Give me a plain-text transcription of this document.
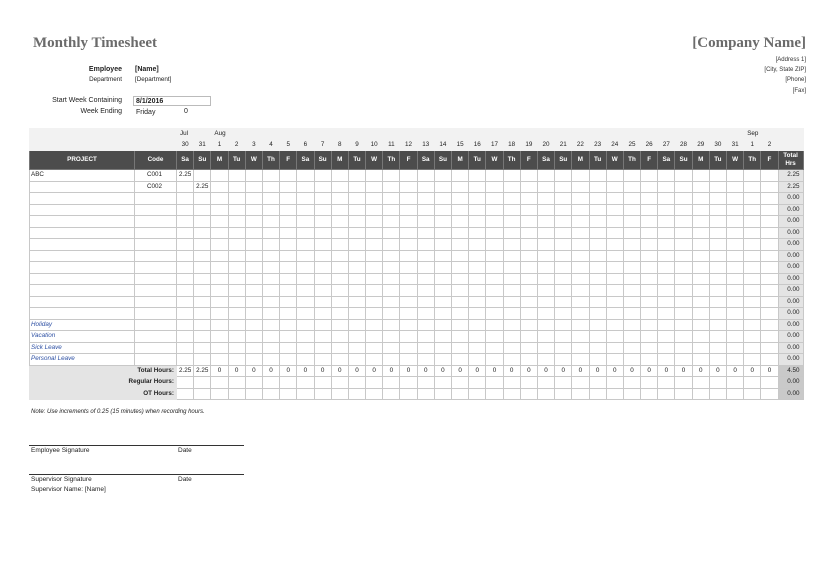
Monthly Timesheet	[Company Name]
[Address 1]
[City, State ZIP]
[Phone]
[Fax]
Employee [Name]
Department [Department]
Start Week Containing	8/1/2016
Week Ending	Friday	0
		Jul		Aug																															Sep		
		30	31	1	2	3	4	5	6	7	8	9	10	11	12	13	14	15	16	17	18	19	20	21	22	23	24	25	26	27	28	29	30	31	1	2	
PROJECT	Code	Sa	Su	M	Tu	W	Th	F	Sa	Su	M	Tu	W	Th	F	Sa	Su	M	Tu	W	Th	F	Sa	Su	M	Tu	W	Th	F	Sa	Su	M	Tu	W	Th	F	Total
Hrs
ABC	C001	2.25																																			2.25
	C002		2.25																																		2.25
																																					0.00
																																					0.00
																																					0.00
																																					0.00
																																					0.00
																																					0.00
																																					0.00
																																					0.00
																																					0.00
																																					0.00
																																					0.00
Holiday																																					0.00
Vacation																																					0.00
Sick Leave																																					0.00
Personal Leave																																					0.00
Total Hours:		2.25	2.25	0	0	0	0	0	0	0	0	0	0	0	0	0	0	0	0	0	0	0	0	0	0	0	0	0	0	0	0	0	0	0	0	0	4.50
Regular Hours:																																					0.00
OT Hours:																																					0.00
Note: Use increments of 0.25 (15 minutes) when recording hours.
Employee Signature	Date
Supervisor Signature	Date
Supervisor Name: [Name]
